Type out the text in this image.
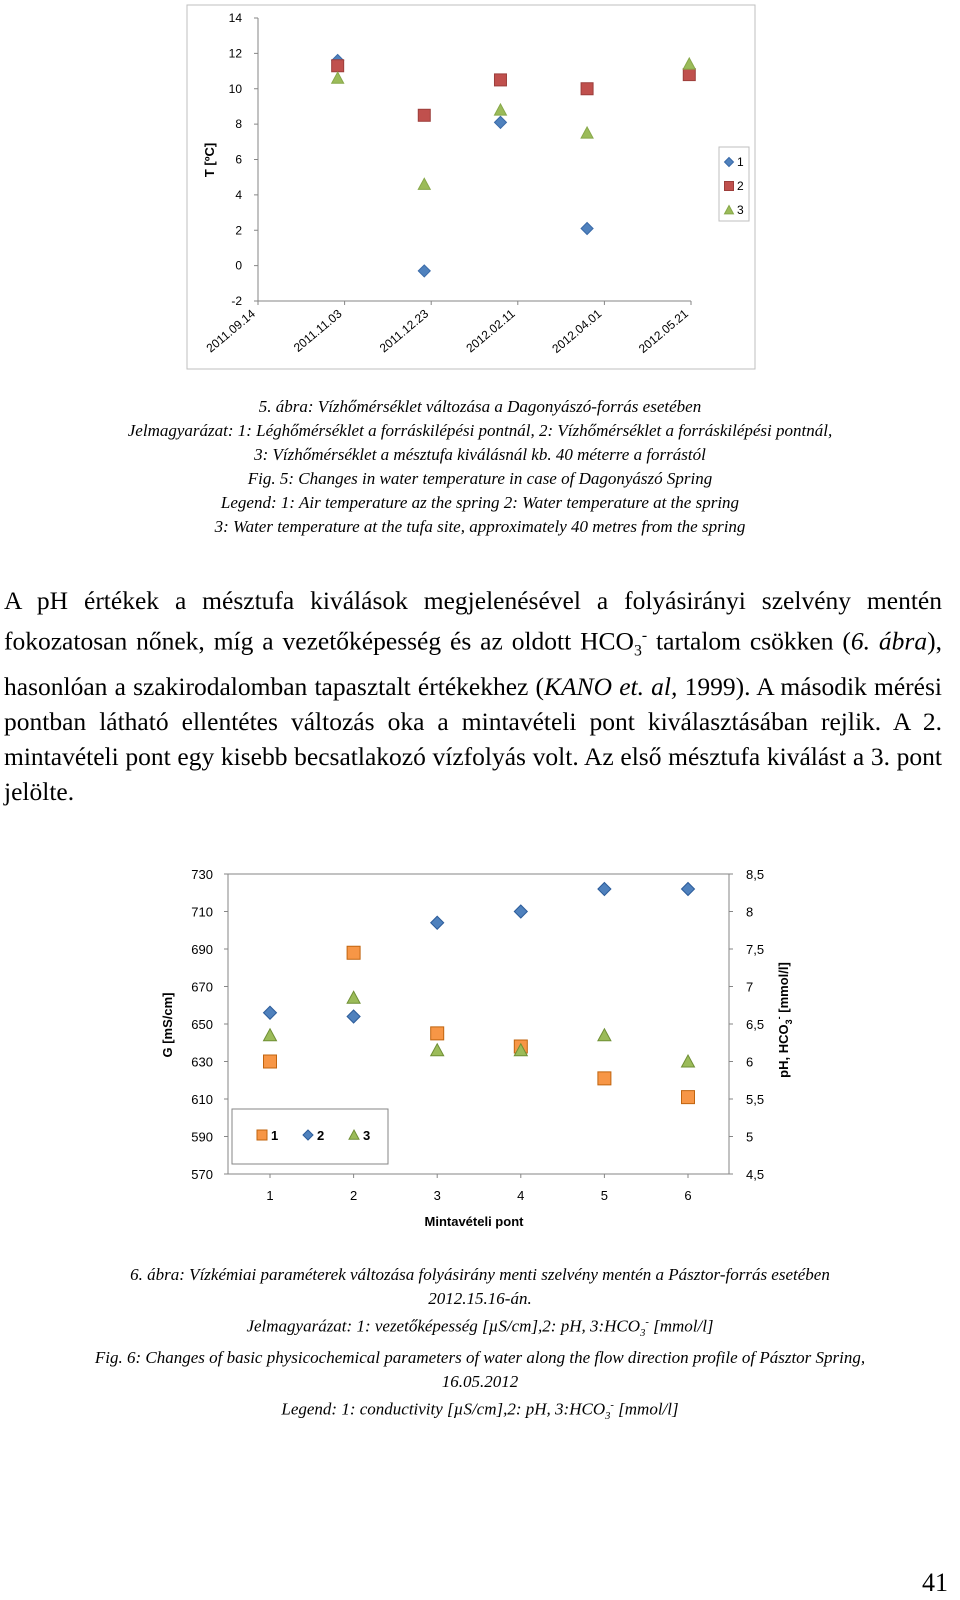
T [ºC]
14
12
10
8
6
4
2
0
-2
2011.09.14	2011.11.03	2011.12.23	2012.02.11	2012.04.01	2012.05.21
1
2
3
5. ábra: Vízhőmérséklet változása a Dagonyászó-forrás esetében
Jelmagyarázat: 1: Léghőmérséklet a forráskilépési pontnál, 2: Vízhőmérséklet a forráskilépési pontnál,
3: Vízhőmérséklet a mésztufa kiválásnál kb. 40 méterre a forrástól
Fig. 5: Changes in water temperature in case of Dagonyászó Spring
Legend: 1: Air temperature az the spring 2: Water temperature at the spring
3: Water temperature at the tufa site, approximately 40 metres from the spring

A pH értékek a mésztufa kiválások megjelenésével a folyásirányi szelvény mentén fokozatosan nőnek, míg a vezetőképesség és az oldott $HCO_3^-$ tartalom csökken (6. ábra), hasonlóan a szakirodalomban tapasztalt értékekhez (KANO et. al, 1999). A második mérési pontban látható ellentétes változás oka a mintavételi pont kiválasztásában rejlik. A 2. mintavételi pont egy kisebb becsatlakozó vízfolyás volt. Az első mésztufa kiválást a 3. pont jelölte.

G [mS/cm]	pH, $HCO_3^-$ [mmol/l]
Mintavételi pont
730
710
690
670
650
630
610
590
570
8,5
8
7,5
7
6,5
6
5,5
5
4,5
1	2	3	4	5	6
1	2	3
6. ábra: Vízkémiai paraméterek változása folyásirány menti szelvény mentén a Pásztor-forrás esetében
2012.15.16-án.
Jelmagyarázat: 1: vezetőképesség [µS/cm],2: pH, $3:HCO_3^-$ [mmol/l]
Fig. 6: Changes of basic physicochemical parameters of water along the flow direction profile of Pásztor Spring,
16.05.2012
Legend: 1: conductivity [µS/cm],2: pH, $3:HCO_3^-$ [mmol/l]
41
